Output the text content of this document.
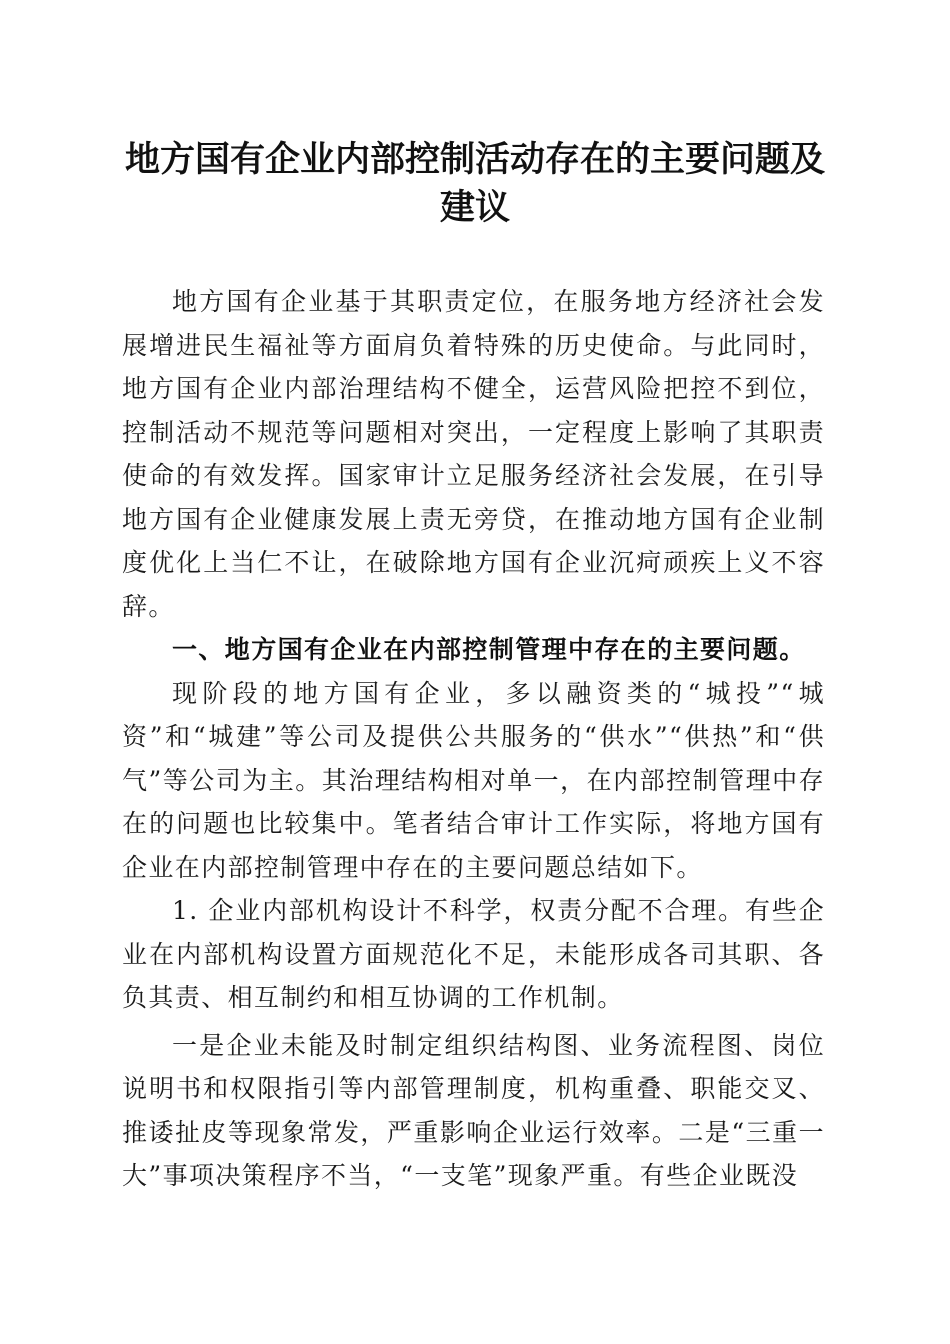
地方国有企业内部控制活动存在的主要问题及
建议

地方国有企业基于其职责定位，在服务地方经济社会发展增进民生福祉等方面肩负着特殊的历史使命。与此同时，地方国有企业内部治理结构不健全，运营风险把控不到位，控制活动不规范等问题相对突出，一定程度上影响了其职责使命的有效发挥。国家审计立足服务经济社会发展，在引导地方国有企业健康发展上责无旁贷，在推动地方国有企业制度优化上当仁不让，在破除地方国有企业沉疴顽疾上义不容辞。

一、地方国有企业在内部控制管理中存在的主要问题。

现阶段的地方国有企业，多以融资类的“城投”“城资”和“城建”等公司及提供公共服务的“供水”“供热”和“供气”等公司为主。其治理结构相对单一，在内部控制管理中存在的问题也比较集中。笔者结合审计工作实际，将地方国有企业在内部控制管理中存在的主要问题总结如下。

1. 企业内部机构设计不科学，权责分配不合理。有些企业在内部机构设置方面规范化不足，未能形成各司其职、各负其责、相互制约和相互协调的工作机制。

一是企业未能及时制定组织结构图、业务流程图、岗位说明书和权限指引等内部管理制度，机构重叠、职能交叉、推诿扯皮等现象常发，严重影响企业运行效率。二是“三重一大”事项决策程序不当，“一支笔”现象严重。有些企业既没
